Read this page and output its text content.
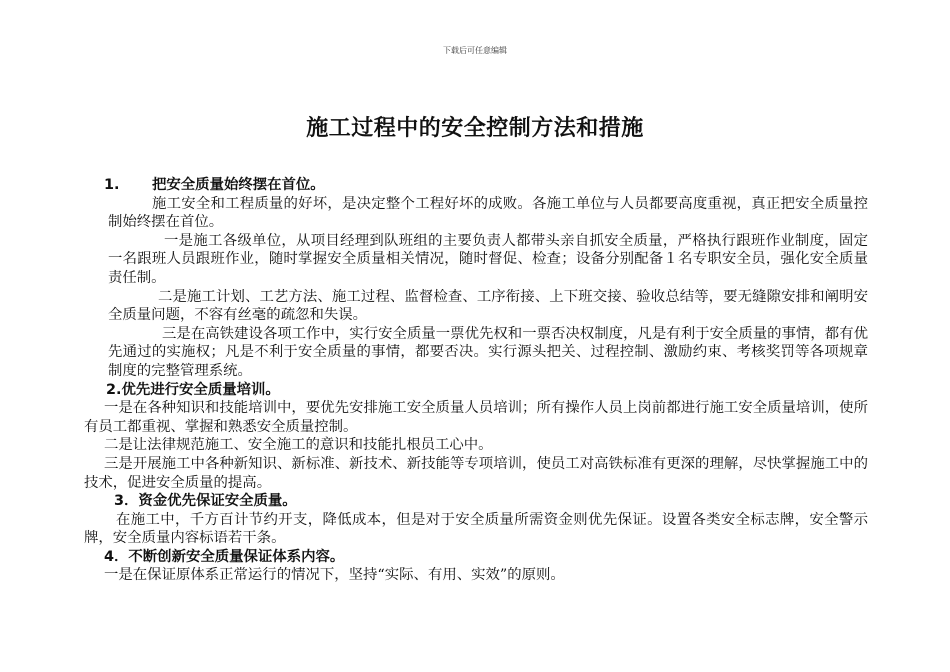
下载后可任意编辑
施工过程中的安全控制方法和措施
1. 把安全质量始终摆在首位。

施工安全和工程质量的好坏，是决定整个工程好坏的成败。各施工单位与人员都要高度重视，真正把安全质量控制始终摆在首位。

一是施工各级单位，从项目经理到队班组的主要负责人都带头亲自抓安全质量，严格执行跟班作业制度，固定一名跟班人员跟班作业，随时掌握安全质量相关情况，随时督促、检查；设备分别配备１名专职安全员，强化安全质量责任制。

二是施工计划、工艺方法、施工过程、监督检查、工序衔接、上下班交接、验收总结等，要无缝隙安排和阐明安全质量问题，不容有丝毫的疏忽和失误。

三是在高铁建设各项工作中，实行安全质量一票优先权和一票否决权制度，凡是有利于安全质量的事情，都有优先通过的实施权；凡是不利于安全质量的事情，都要否决。实行源头把关、过程控制、激励约束、考核奖罚等各项规章制度的完整管理系统。

2.优先进行安全质量培训。

一是在各种知识和技能培训中，要优先安排施工安全质量人员培训；所有操作人员上岗前都进行施工安全质量培训，使所有员工都重视、掌握和熟悉安全质量控制。

二是让法律规范施工、安全施工的意识和技能扎根员工心中。

三是开展施工中各种新知识、新标准、新技术、新技能等专项培训，使员工对高铁标准有更深的理解，尽快掌握施工中的技术，促进安全质量的提高。

3．资金优先保证安全质量。

在施工中，千方百计节约开支，降低成本，但是对于安全质量所需资金则优先保证。设置各类安全标志牌，安全警示牌，安全质量内容标语若干条。

4．不断创新安全质量保证体系内容。

一是在保证原体系正常运行的情况下，坚持“实际、有用、实效”的原则。
